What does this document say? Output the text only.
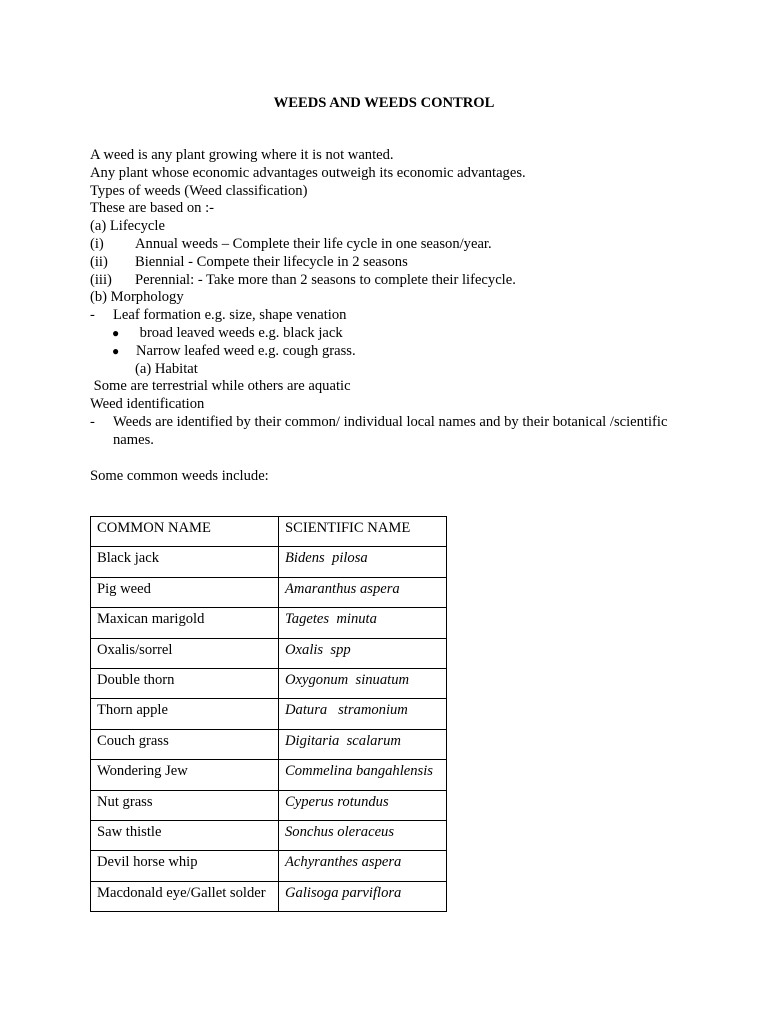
WEEDS AND WEEDS CONTROL
A weed is any plant growing where it is not wanted.
Any plant whose economic advantages outweigh its economic advantages.
Types of weeds (Weed classification)
These are based on :-
(a) Lifecycle
(i) Annual weeds – Complete their life cycle in one season/year.
(ii) Biennial - Compete their lifecycle in 2 seasons
(iii) Perennial: - Take more than 2 seasons to complete their lifecycle.
(b) Morphology
- Leaf formation e.g. size, shape venation
● broad leaved weeds e.g. black jack
● Narrow leafed weed e.g. cough grass.
(a) Habitat
Some are terrestrial while others are aquatic
Weed identification
-	Weeds are identified by their common/ individual local names and by their botanical /scientific names.
Some common weeds include:
COMMON NAME	SCIENTIFIC NAME
Black jack	Bidens  pilosa
Pig weed	Amaranthus aspera
Maxican marigold	Tagetes  minuta
Oxalis/sorrel	Oxalis  spp
Double thorn	Oxygonum  sinuatum
Thorn apple	Datura   stramonium
Couch grass	Digitaria  scalarum
Wondering Jew	Commelina bangahlensis
Nut grass	Cyperus rotundus
Saw thistle	Sonchus oleraceus
Devil horse whip	Achyranthes aspera
Macdonald eye/Gallet solder	Galisoga parviflora
